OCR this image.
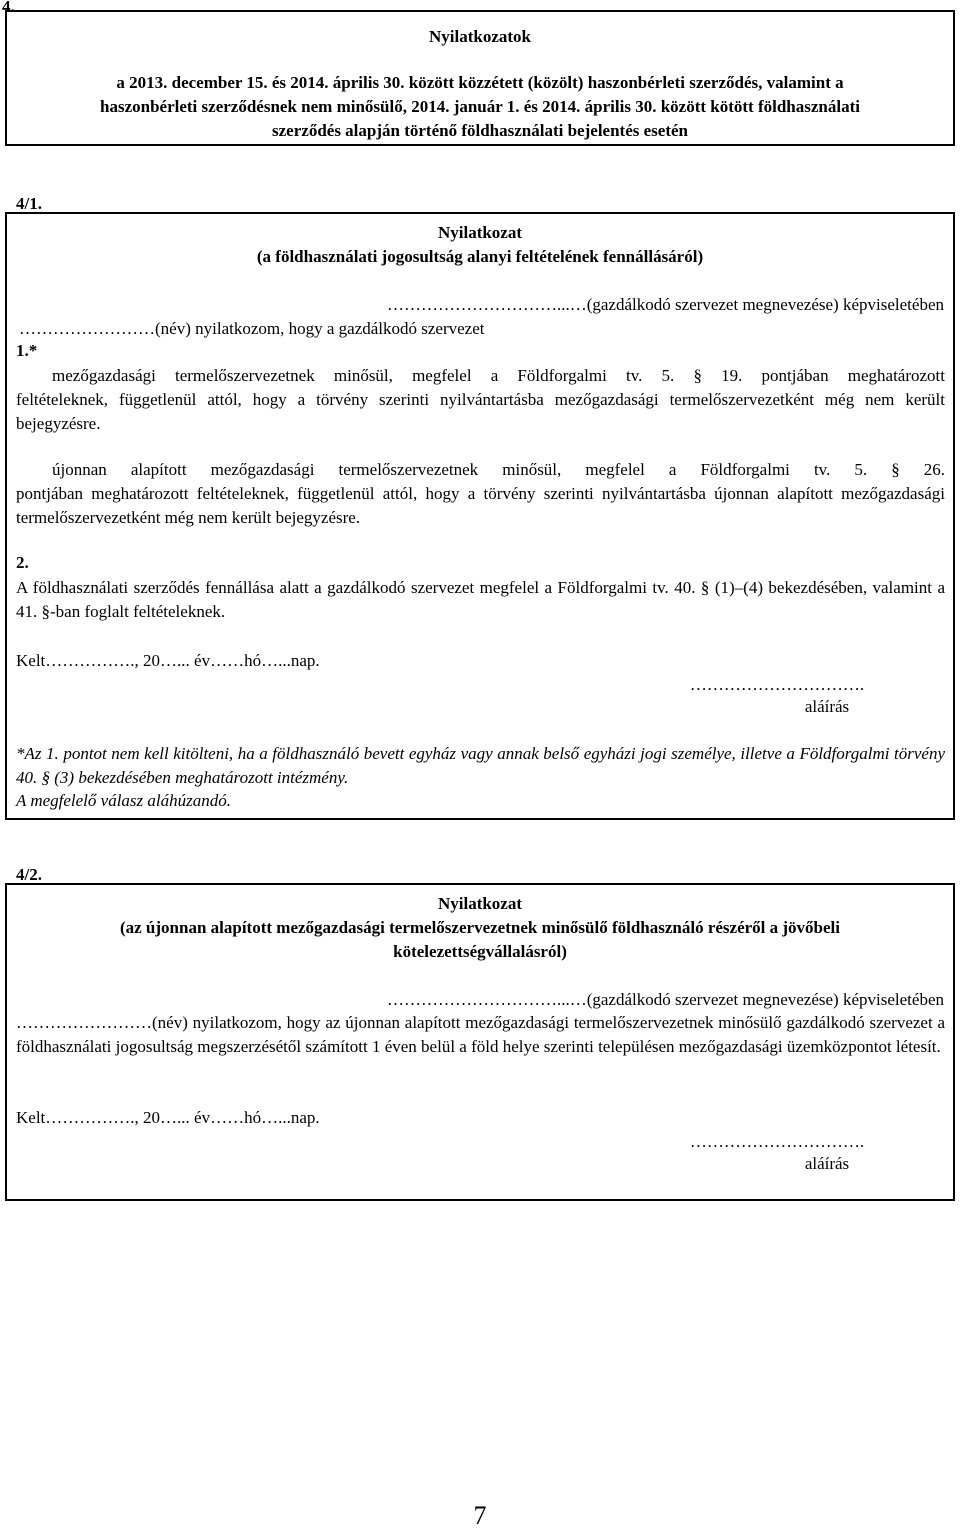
4.
Nyilatkozatok
a 2013. december 15. és 2014. április 30. között közzétett (közölt) haszonbérleti szerződés, valamint a
haszonbérleti szerződésnek nem minősülő, 2014. január 1. és 2014. április 30. között kötött földhasználati
szerződés alapján történő földhasználati bejelentés esetén
4/1.
Nyilatkozat
(a földhasználati jogosultság alanyi feltételének fennállásáról)
…………………………...…(gazdálkodó szervezet megnevezése) képviseletében
……………………(név) nyilatkozom, hogy a gazdálkodó szervezet
1.*
mezőgazdasági termelőszervezetnek minősül, megfelel a Földforgalmi tv. 5. § 19. pontjában meghatározott
feltételeknek, függetlenül attól, hogy a törvény szerinti nyilvántartásba mezőgazdasági termelőszervezetként még nem került bejegyzésre.
újonnan alapított mezőgazdasági termelőszervezetnek minősül, megfelel a Földforgalmi tv. 5. § 26.
pontjában meghatározott feltételeknek, függetlenül attól, hogy a törvény szerinti nyilvántartásba újonnan alapított mezőgazdasági termelőszervezetként még nem került bejegyzésre.
2.
A földhasználati szerződés fennállása alatt a gazdálkodó szervezet megfelel a Földforgalmi tv. 40. § (1)–(4) bekezdésében, valamint a 41. §-ban foglalt feltételeknek.
Kelt……………., 20…... év……hó…...nap.
………………………….
aláírás
*Az 1. pontot nem kell kitölteni, ha a földhasználó bevett egyház vagy annak belső egyházi jogi személye, illetve a Földforgalmi törvény 40. § (3) bekezdésében meghatározott intézmény.
A megfelelő válasz aláhúzandó.
4/2.
Nyilatkozat
(az újonnan alapított mezőgazdasági termelőszervezetnek minősülő földhasználó részéről a jövőbeli
kötelezettségvállalásról)
…………………………...…(gazdálkodó szervezet megnevezése) képviseletében
……………………(név) nyilatkozom, hogy az újonnan alapított mezőgazdasági termelőszervezetnek minősülő gazdálkodó szervezet a földhasználati jogosultság megszerzésétől számított 1 éven belül a föld helye szerinti településen mezőgazdasági üzemközpontot létesít.
Kelt……………., 20…... év……hó…...nap.
………………………….
aláírás
7
